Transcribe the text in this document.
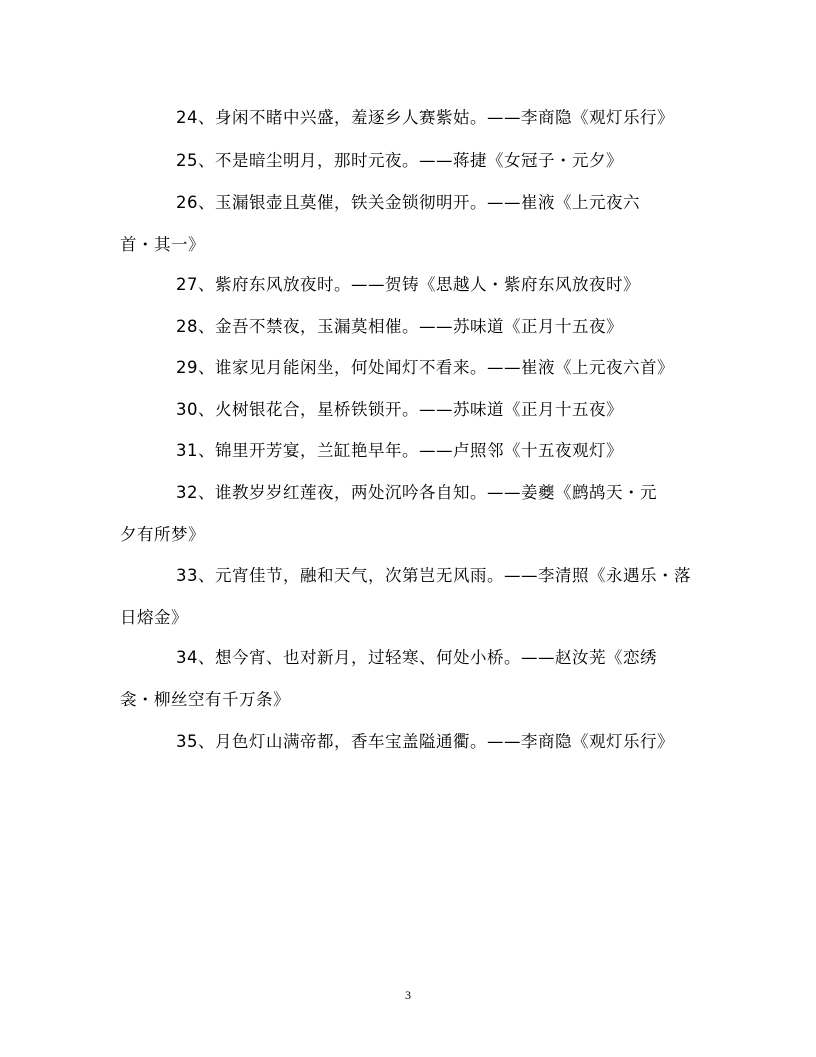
24、身闲不睹中兴盛，羞逐乡人赛紫姑。——李商隐《观灯乐行》
25、不是暗尘明月，那时元夜。——蒋捷《女冠子・元夕》
26、玉漏银壶且莫催，铁关金锁彻明开。——崔液《上元夜六
首・其一》
27、紫府东风放夜时。——贺铸《思越人・紫府东风放夜时》
28、金吾不禁夜，玉漏莫相催。——苏味道《正月十五夜》
29、谁家见月能闲坐，何处闻灯不看来。——崔液《上元夜六首》
30、火树银花合，星桥铁锁开。——苏味道《正月十五夜》
31、锦里开芳宴，兰缸艳早年。——卢照邻《十五夜观灯》
32、谁教岁岁红莲夜，两处沉吟各自知。——姜夔《鹧鸪天・元
夕有所梦》
33、元宵佳节，融和天气，次第岂无风雨。——李清照《永遇乐・落
日熔金》
34、想今宵、也对新月，过轻寒、何处小桥。——赵汝茪《恋绣
衾・柳丝空有千万条》
35、月色灯山满帝都，香车宝盖隘通衢。——李商隐《观灯乐行》
3
